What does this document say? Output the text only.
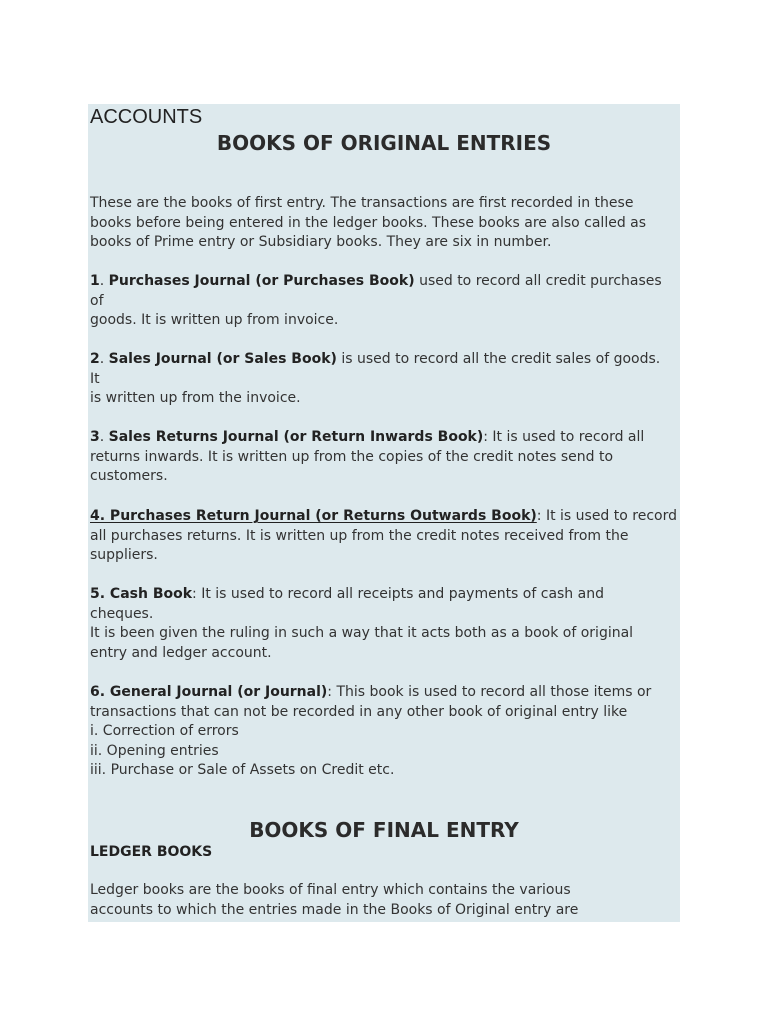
ACCOUNTS
BOOKS OF ORIGINAL ENTRIES

These are the books of first entry. The transactions are first recorded in these

books before being entered in the ledger books. These books are also called as

books of Prime entry or Subsidiary books. They are six in number.

1. Purchases Journal (or Purchases Book) used to record all credit purchases

of

goods. It is written up from invoice.

2. Sales Journal (or Sales Book) is used to record all the credit sales of goods.

It

is written up from the invoice.

3. Sales Returns Journal (or Return Inwards Book): It is used to record all

returns inwards. It is written up from the copies of the credit notes send to

customers.

4. Purchases Return Journal (or Returns Outwards Book): It is used to record

all purchases returns. It is written up from the credit notes received from the

suppliers.

5. Cash Book: It is used to record all receipts and payments of cash and

cheques.

It is been given the ruling in such a way that it acts both as a book of original

entry and ledger account.

6. General Journal (or Journal): This book is used to record all those items or

transactions that can not be recorded in any other book of original entry like

i. Correction of errors

ii. Opening entries

iii. Purchase or Sale of Assets on Credit etc.

BOOKS OF FINAL ENTRY
LEDGER BOOKS

Ledger books are the books of final entry which contains the various

accounts to which the entries made in the Books of Original entry are
